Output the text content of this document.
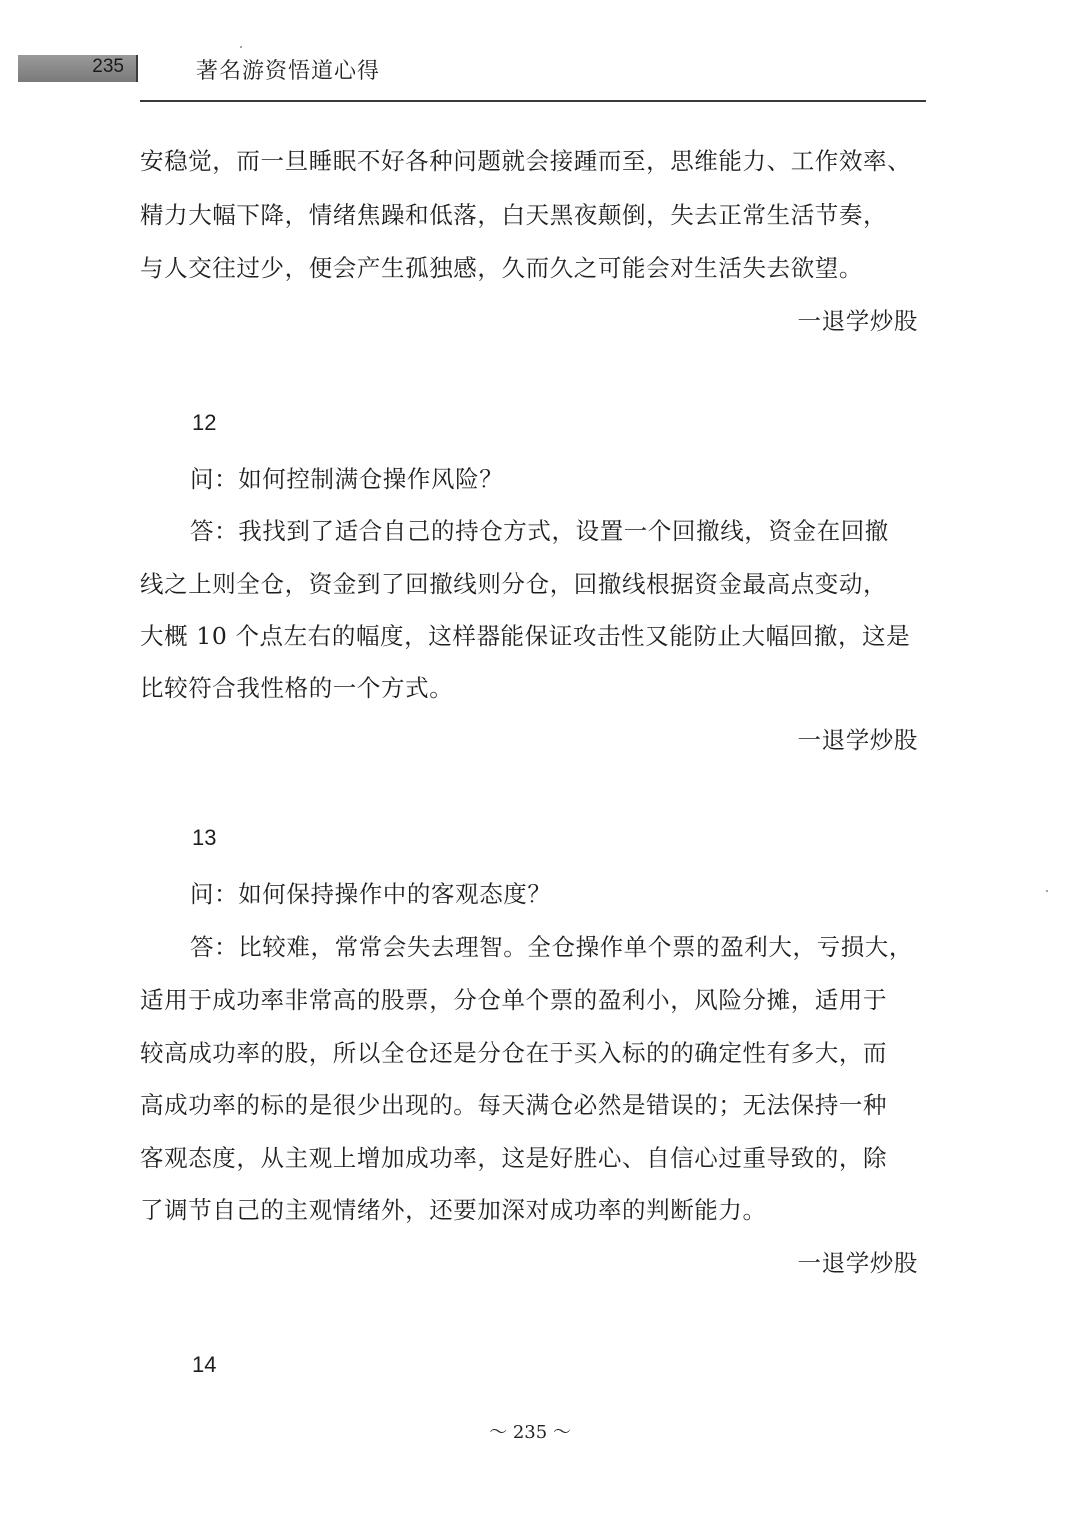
235	著名游资悟道心得
安稳觉，而一旦睡眠不好各种问题就会接踵而至，思维能力、工作效率、
精力大幅下降，情绪焦躁和低落，白天黑夜颠倒，失去正常生活节奏，
与人交往过少，便会产生孤独感，久而久之可能会对生活失去欲望。
一退学炒股
12
问：如何控制满仓操作风险？
答：我找到了适合自己的持仓方式，设置一个回撤线，资金在回撤
线之上则全仓，资金到了回撤线则分仓，回撤线根据资金最高点变动，
大概 10 个点左右的幅度，这样器能保证攻击性又能防止大幅回撤，这是
比较符合我性格的一个方式。
一退学炒股
13
问：如何保持操作中的客观态度？
答：比较难，常常会失去理智。全仓操作单个票的盈利大，亏损大，
适用于成功率非常高的股票，分仓单个票的盈利小，风险分摊，适用于
较高成功率的股，所以全仓还是分仓在于买入标的的确定性有多大，而
高成功率的标的是很少出现的。每天满仓必然是错误的；无法保持一种
客观态度，从主观上增加成功率，这是好胜心、自信心过重导致的，除
了调节自己的主观情绪外，还要加深对成功率的判断能力。
一退学炒股
14
～ 235 ～
